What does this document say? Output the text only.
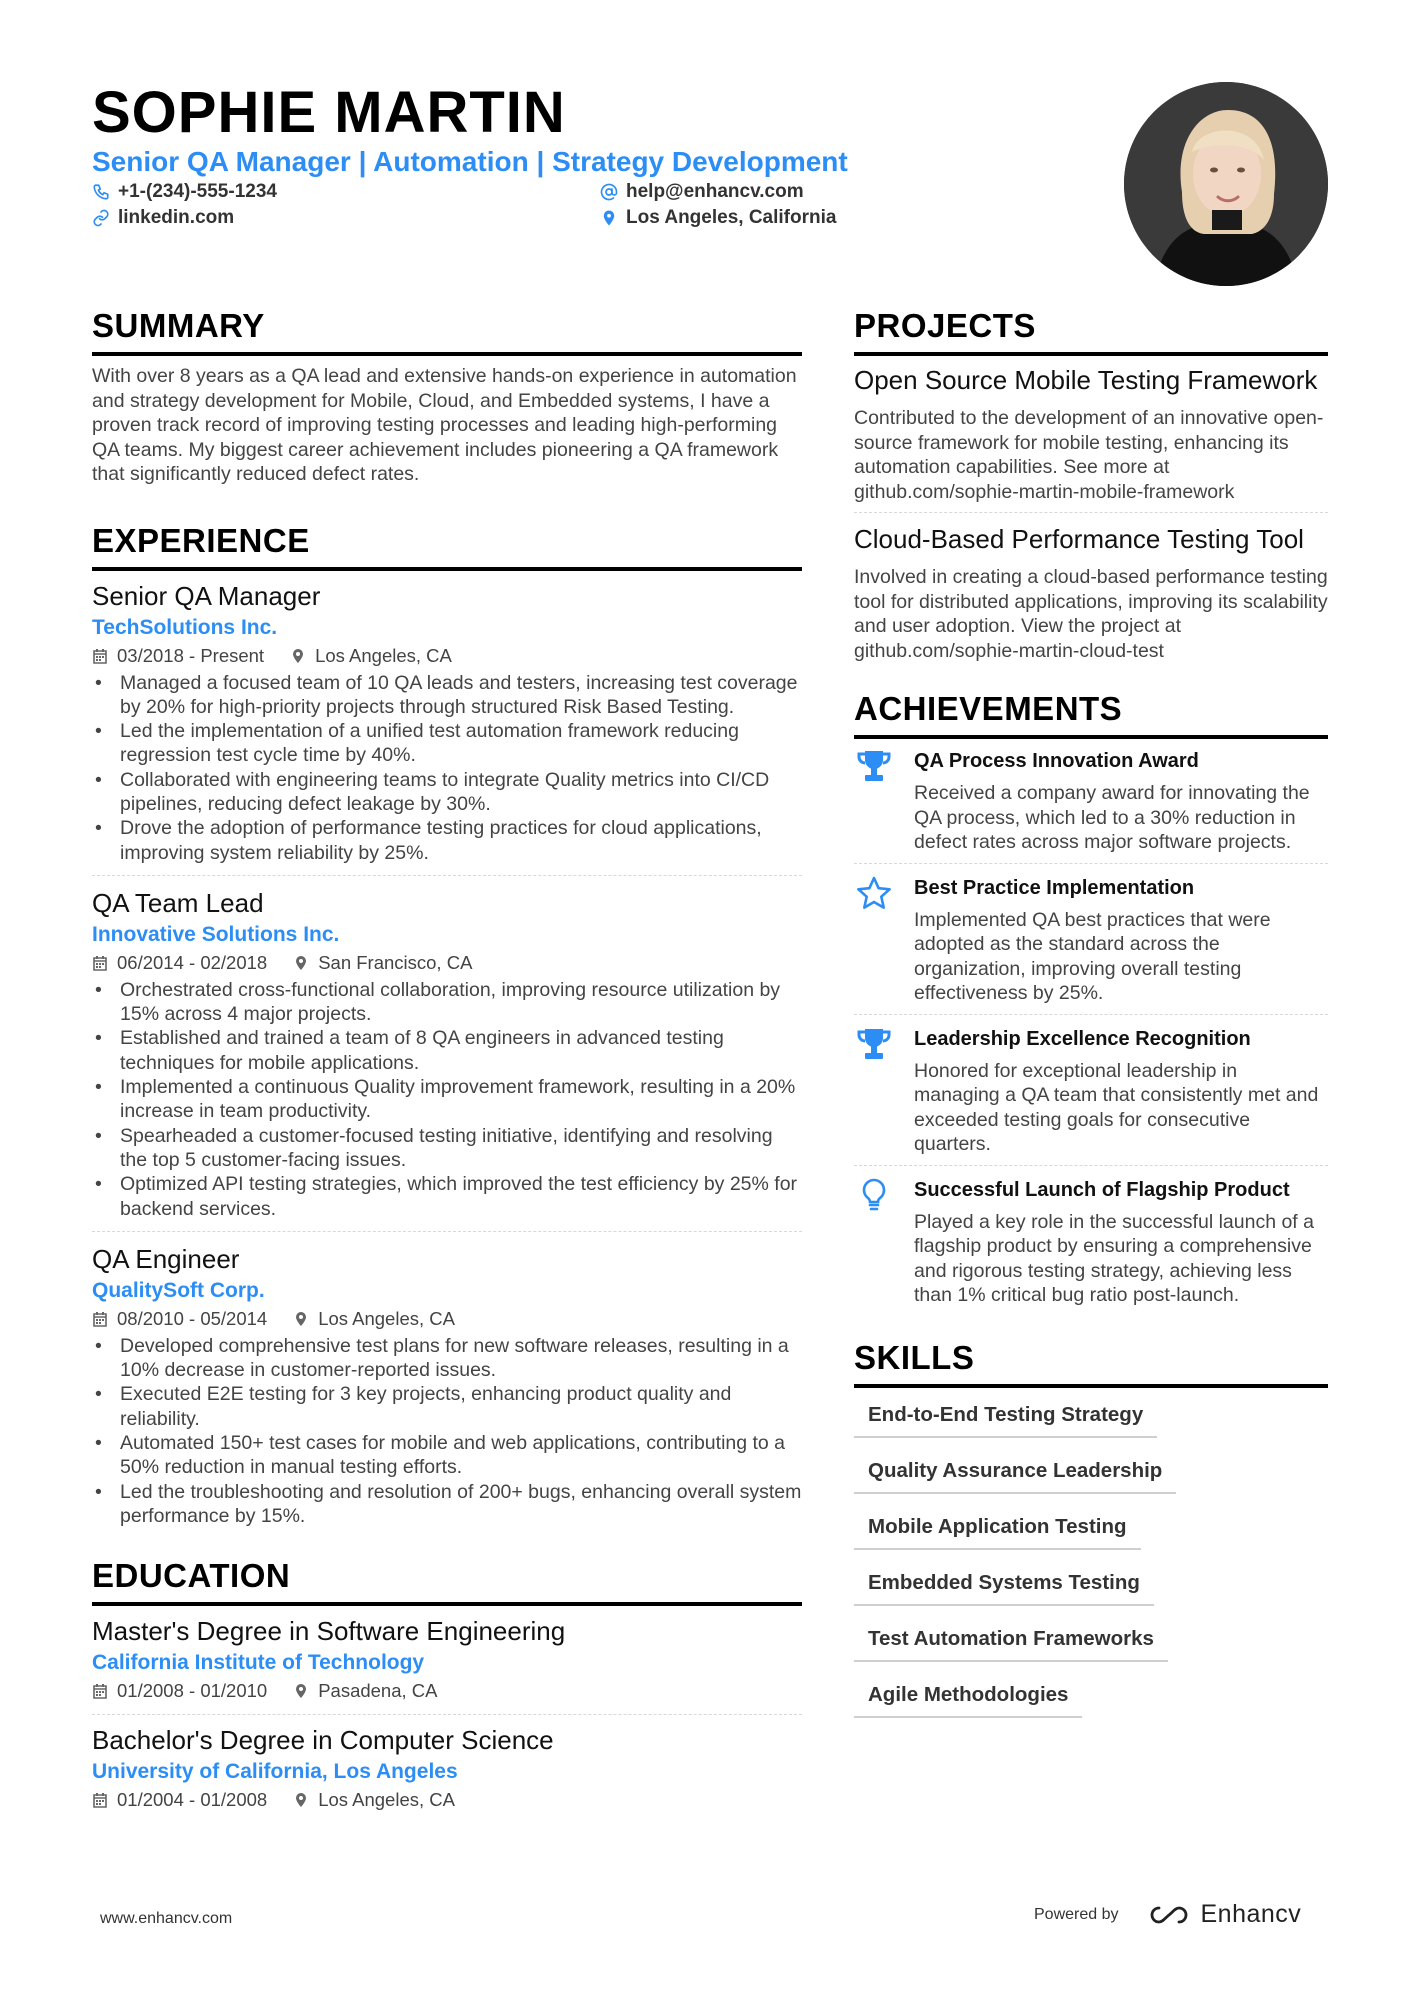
SOPHIE MARTIN
Senior QA Manager | Automation | Strategy Development
+1-(234)-555-1234	help@enhancv.com
linkedin.com	Los Angeles, California
SUMMARY
With over 8 years as a QA lead and extensive hands-on experience in automation and strategy development for Mobile, Cloud, and Embedded systems, I have a proven track record of improving testing processes and leading high-performing QA teams. My biggest career achievement includes pioneering a QA framework that significantly reduced defect rates.
EXPERIENCE
Senior QA Manager
TechSolutions Inc.
03/2018 - Present	Los Angeles, CA
• Managed a focused team of 10 QA leads and testers, increasing test coverage by 20% for high-priority projects through structured Risk Based Testing.
• Led the implementation of a unified test automation framework reducing regression test cycle time by 40%.
• Collaborated with engineering teams to integrate Quality metrics into CI/CD pipelines, reducing defect leakage by 30%.
• Drove the adoption of performance testing practices for cloud applications, improving system reliability by 25%.
QA Team Lead
Innovative Solutions Inc.
06/2014 - 02/2018	San Francisco, CA
• Orchestrated cross-functional collaboration, improving resource utilization by 15% across 4 major projects.
• Established and trained a team of 8 QA engineers in advanced testing techniques for mobile applications.
• Implemented a continuous Quality improvement framework, resulting in a 20% increase in team productivity.
• Spearheaded a customer-focused testing initiative, identifying and resolving the top 5 customer-facing issues.
• Optimized API testing strategies, which improved the test efficiency by 25% for backend services.
QA Engineer
QualitySoft Corp.
08/2010 - 05/2014	Los Angeles, CA
• Developed comprehensive test plans for new software releases, resulting in a 10% decrease in customer-reported issues.
• Executed E2E testing for 3 key projects, enhancing product quality and reliability.
• Automated 150+ test cases for mobile and web applications, contributing to a 50% reduction in manual testing efforts.
• Led the troubleshooting and resolution of 200+ bugs, enhancing overall system performance by 15%.
EDUCATION
Master's Degree in Software Engineering
California Institute of Technology
01/2008 - 01/2010	Pasadena, CA
Bachelor's Degree in Computer Science
University of California, Los Angeles
01/2004 - 01/2008	Los Angeles, CA
PROJECTS
Open Source Mobile Testing Framework
Contributed to the development of an innovative open-source framework for mobile testing, enhancing its automation capabilities. See more at github.com/sophie-martin-mobile-framework
Cloud-Based Performance Testing Tool
Involved in creating a cloud-based performance testing tool for distributed applications, improving its scalability and user adoption. View the project at github.com/sophie-martin-cloud-test
ACHIEVEMENTS
QA Process Innovation Award
Received a company award for innovating the QA process, which led to a 30% reduction in defect rates across major software projects.
Best Practice Implementation
Implemented QA best practices that were adopted as the standard across the organization, improving overall testing effectiveness by 25%.
Leadership Excellence Recognition
Honored for exceptional leadership in managing a QA team that consistently met and exceeded testing goals for consecutive quarters.
Successful Launch of Flagship Product
Played a key role in the successful launch of a flagship product by ensuring a comprehensive and rigorous testing strategy, achieving less than 1% critical bug ratio post-launch.
SKILLS
End-to-End Testing Strategy
Quality Assurance Leadership
Mobile Application Testing
Embedded Systems Testing
Test Automation Frameworks
Agile Methodologies
www.enhancv.com	Powered by	Enhancv
